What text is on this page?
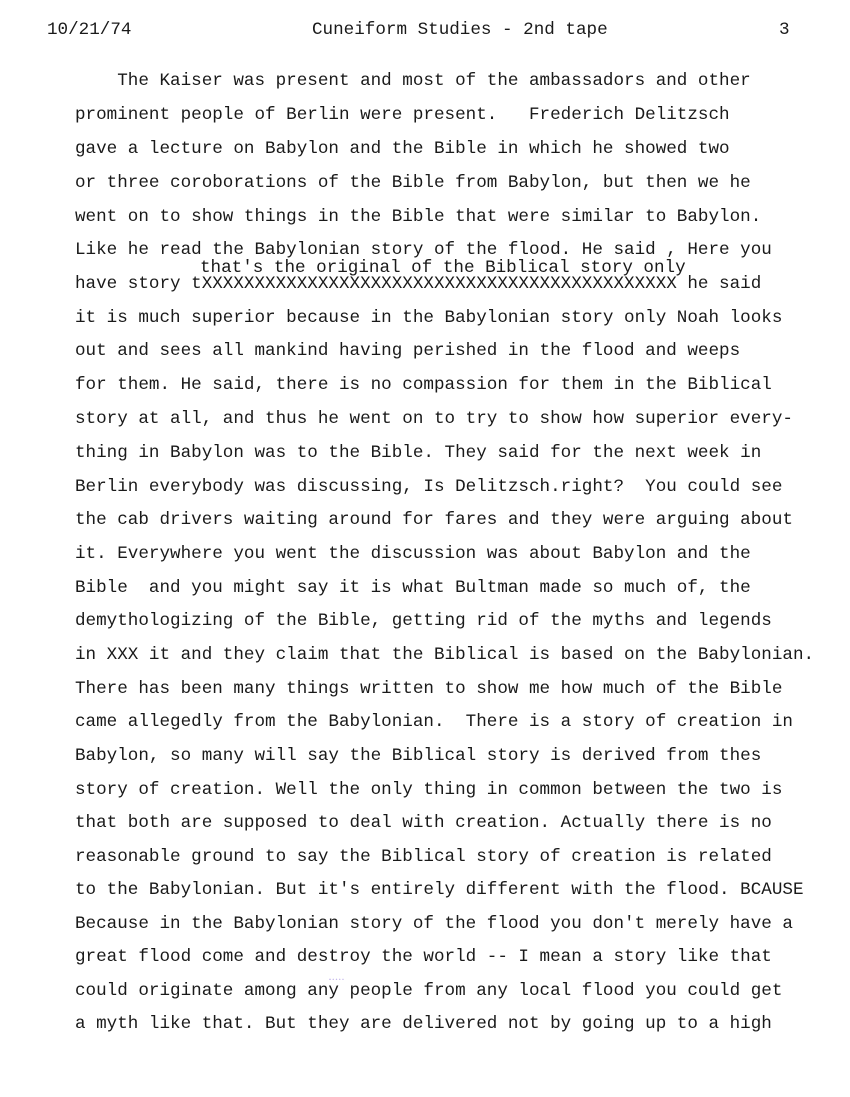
10/21/74	Cuneiform Studies - 2nd tape	3
The Kaiser was present and most of the ambassadors and other
prominent people of Berlin were present.   Frederich Delitzsch
gave a lecture on Babylon and the Bible in which he showed two
or three coroborations of the Bible from Babylon, but then we he
went on to show things in the Bible that were similar to Babylon.
Like he read the Babylonian story of the flood. He said , Here you
have story tXXXXXXXXXXXXXXXXXXXXXXXXXXXXXXXXXXXXXXXXXXXXX he said
it is much superior because in the Babylonian story only Noah looks
out and sees all mankind having perished in the flood and weeps
for them. He said, there is no compassion for them in the Biblical
story at all, and thus he went on to try to show how superior every-
thing in Babylon was to the Bible. They said for the next week in
Berlin everybody was discussing, Is Delitzsch.right?  You could see
the cab drivers waiting around for fares and they were arguing about
it. Everywhere you went the discussion was about Babylon and the
Bible  and you might say it is what Bultman made so much of, the
demythologizing of the Bible, getting rid of the myths and legends
in XXX it and they claim that the Biblical is based on the Babylonian.
There has been many things written to show me how much of the Bible
came allegedly from the Babylonian.  There is a story of creation in
Babylon, so many will say the Biblical story is derived from thes
story of creation. Well the only thing in common between the two is
that both are supposed to deal with creation. Actually there is no
reasonable ground to say the Biblical story of creation is related
to the Babylonian. But it's entirely different with the flood. BCAUSE
Because in the Babylonian story of the flood you don't merely have a
great flood come and destroy the world -- I mean a story like that
could originate among any people from any local flood you could get
a myth like that. But they are delivered not by going up to a high
that's the original of the Biblical story only
̣̣ ̣ ̣ ̣ ̣
